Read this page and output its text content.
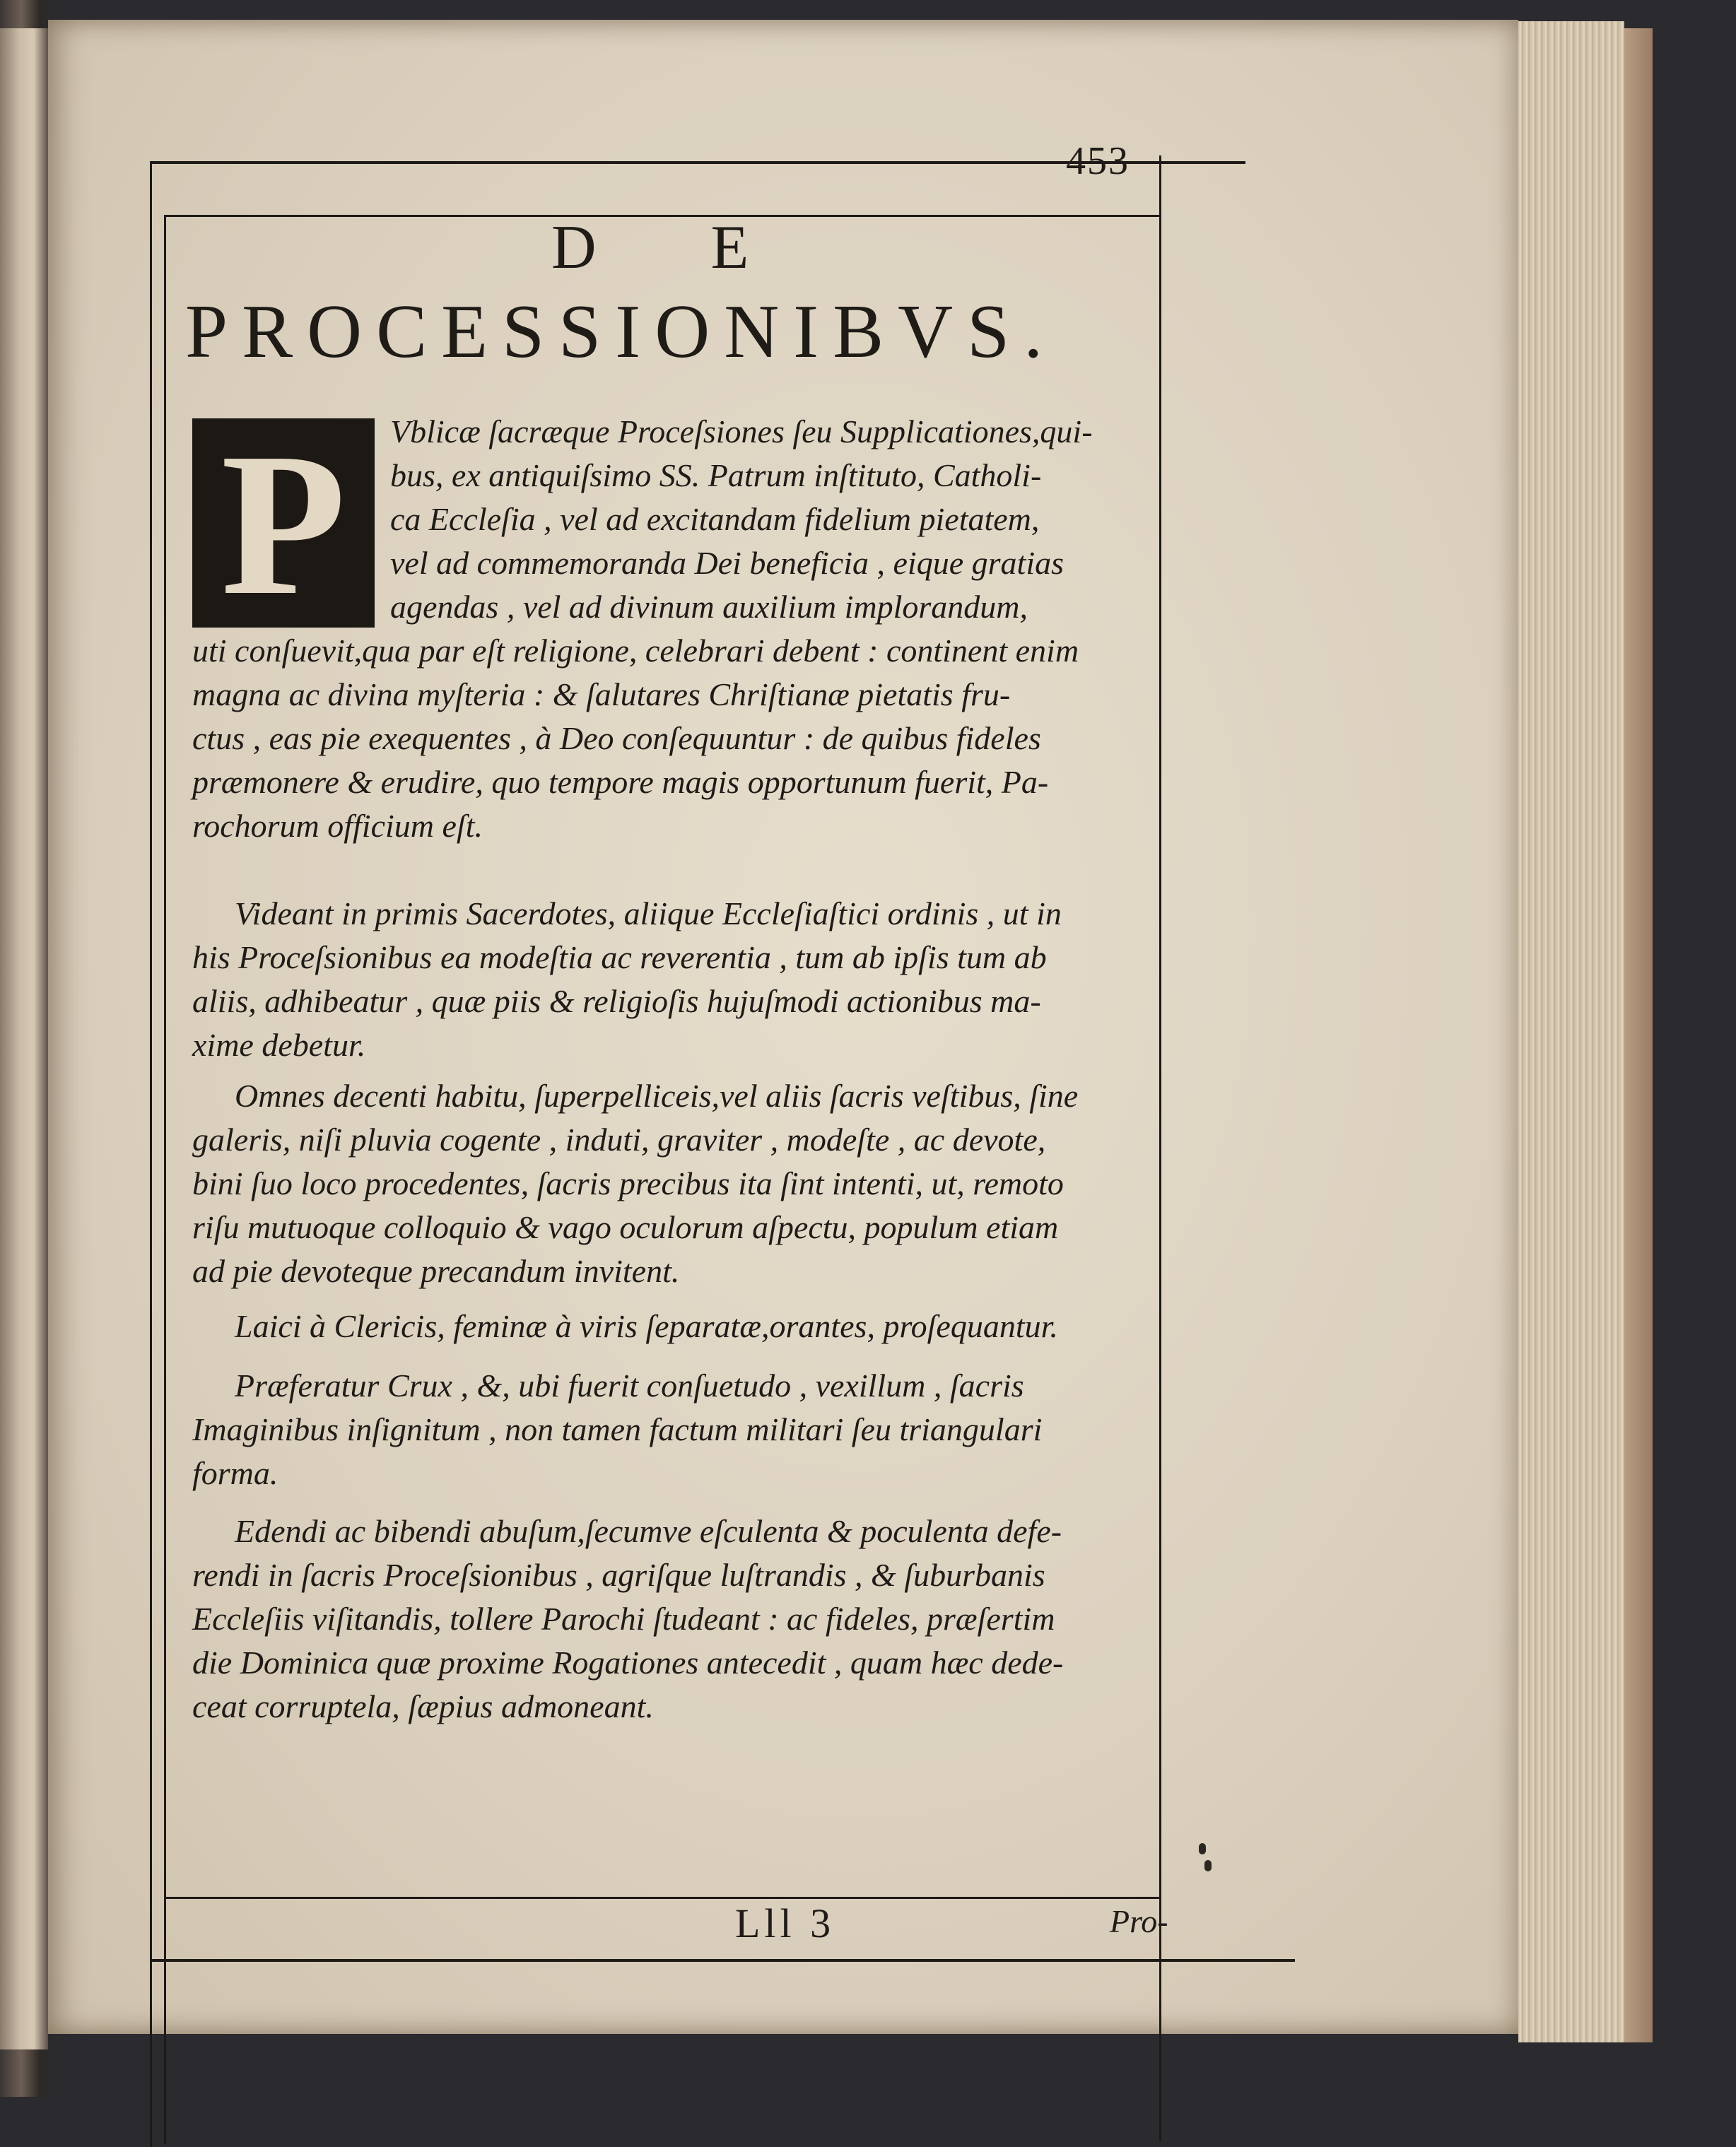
453
D E
PROCESSIONIBVS.
P	Vblicæ ſacræque Proceſsiones ſeu Supplicationes,qui-
bus, ex antiquiſsimo SS. Patrum inſtituto, Catholi-
ca Eccleſia , vel ad excitandam fidelium pietatem,
vel ad commemoranda Dei beneficia , eique gratias
agendas , vel ad divinum auxilium implorandum,
uti conſuevit,qua par eſt religione, celebrari debent : continent enim
magna ac divina myſteria : & ſalutares Chriſtianæ pietatis fru-
ctus , eas pie exequentes , à Deo conſequuntur : de quibus fideles
præmonere & erudire, quo tempore magis opportunum fuerit, Pa-
rochorum officium eſt.
Videant in primis Sacerdotes, aliique Eccleſiaſtici ordinis , ut in
his Proceſsionibus ea modeſtia ac reverentia , tum ab ipſis tum ab
aliis, adhibeatur , quæ piis & religioſis hujuſmodi actionibus ma-
xime debetur.
Omnes decenti habitu, ſuperpelliceis,vel aliis ſacris veſtibus, ſine
galeris, niſi pluvia cogente , induti, graviter , modeſte , ac devote,
bini ſuo loco procedentes, ſacris precibus ita ſint intenti, ut, remoto
riſu mutuoque colloquio & vago oculorum aſpectu, populum etiam
ad pie devoteque precandum invitent.
Laici à Clericis, feminæ à viris ſeparatæ,orantes, proſequantur.
Præferatur Crux , &, ubi fuerit conſuetudo , vexillum , ſacris
Imaginibus inſignitum , non tamen factum militari ſeu triangulari
forma.
Edendi ac bibendi abuſum,ſecumve eſculenta & poculenta defe-
rendi in ſacris Proceſsionibus , agriſque luſtrandis , & ſuburbanis
Eccleſiis viſitandis, tollere Parochi ſtudeant : ac fideles, præſertim
die Dominica quæ proxime Rogationes antecedit , quam hæc dede-
ceat corruptela, ſæpius admoneant.
Lll 3	Pro-
